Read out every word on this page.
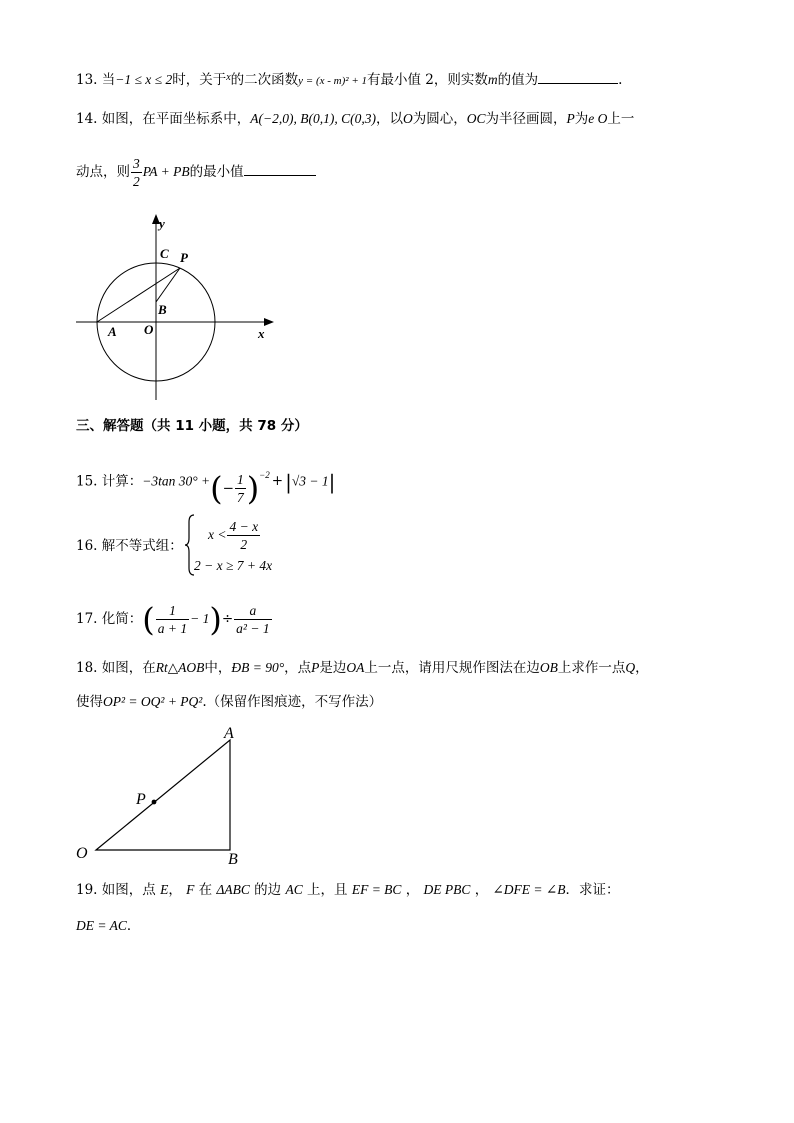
13. 当−1 ≤ x ≤ 2时，关于$^x$的二次函数y = (x - m)² + 1有最小值 2，则实数m的值为	.
14. 如图，在平面坐标系中，A(−2,0), B(0,1), C(0,3)，以O为圆心，OC为半径画圆，P为e O上一
动点，则 $\frac{3}{2}$ PA + PB的最小值
y
C P
B
A O	x
三、解答题（共 11 小题，共 78 分）
15. 计算：−3tan 30° +(− $\frac{1}{7} )^{-2} + |√3 - 1|$
16. 解不等式组：
$x < \frac{4 - x}{2}$
2 − x ≥ 7 + 4x
17. 化简：( $\frac{1}{a + 1} - 1)\div \frac{a}{\text{a² − 1}}$
18. 如图，在Rt△AOB中，ÐB = 90°，点P是边OA上一点，请用尺规作图法在边OB上求作一点Q，
使得OP² = OQ² + PQ².（保留作图痕迹，不写作法）
A
P
O	B
19. 如图，点 E， F 在 ΔABC 的边 AC 上，且 EF = BC ， DE PBC ， ∠DFE = ∠B．求证：
DE = AC．
